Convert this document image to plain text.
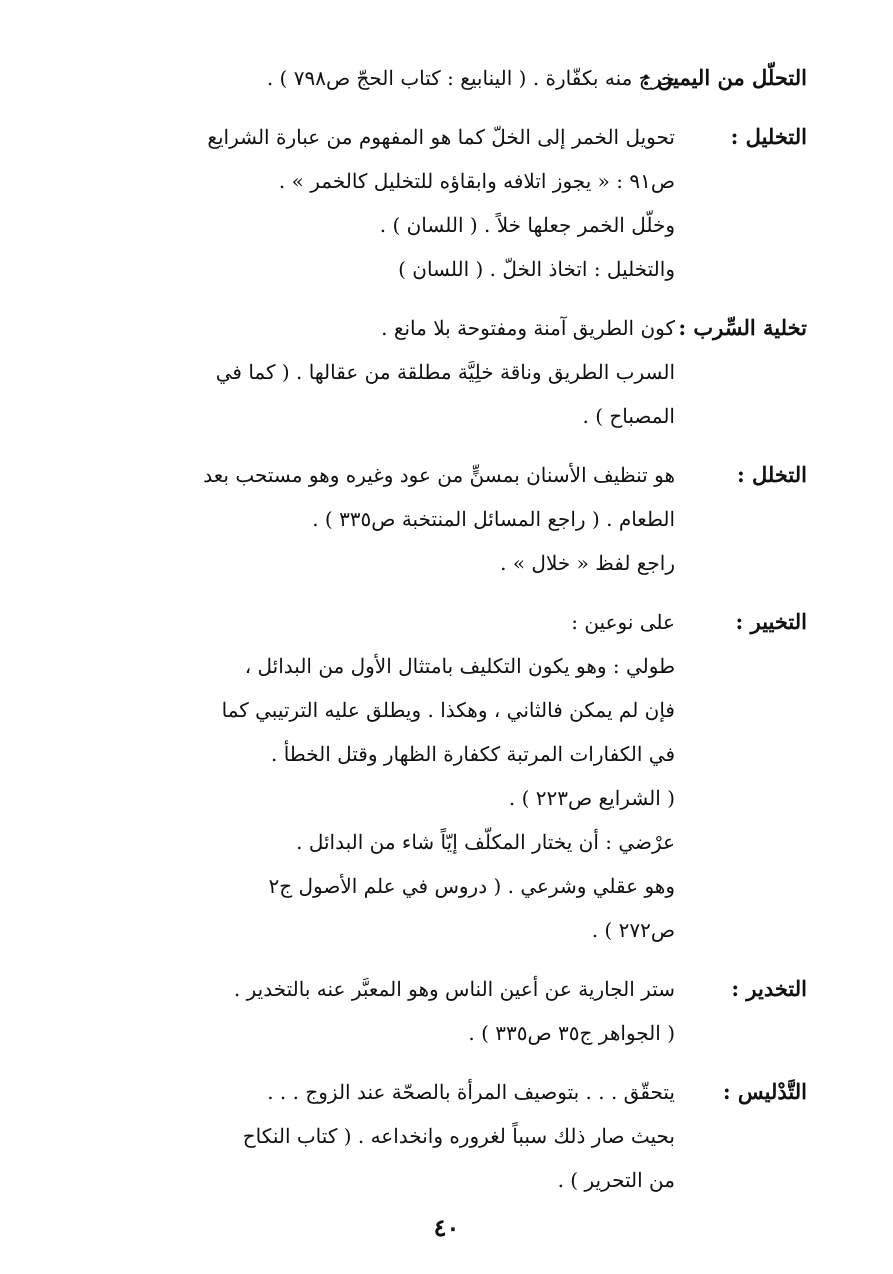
التحلّل من اليمين :
خرج منه بكفّارة . ( الينابيع : كتاب الحجّ ص٧٩٨ ) .
التخليل :
تحويل الخمر إلى الخلّ كما هو المفهوم من عبارة الشرايع
ص٩١ : « يجوز اتلافه وابقاؤه للتخليل كالخمر » .
وخلّل الخمر جعلها خلاً . ( اللسان ) .
والتخليل : اتخاذ الخلّ . ( اللسان )
تخلية السِّرب :
كون الطريق آمنة ومفتوحة بلا مانع .
السرب الطريق وناقة خلِيَّة مطلقة من عقالها . ( كما في
المصباح ) .
التخلل :
هو تنظيف الأسنان بمسنٍّ من عود وغيره وهو مستحب بعد
الطعام . ( راجع المسائل المنتخبة ص٣٣٥ ) .
راجع لفظ « خلال » .
التخيير :
على نوعين :
طولي : وهو يكون التكليف بامتثال الأول من البدائل ،
فإن لم يمكن فالثاني ، وهكذا . ويطلق عليه الترتيبي كما
في الكفارات المرتبة ككفارة الظهار وقتل الخطأ .
( الشرايع ص٢٢٣ ) .
عرْضي : أن يختار المكلّف إيّاً شاء من البدائل .
وهو عقلي وشرعي . ( دروس في علم الأصول ج٢
ص٢٧٢ ) .
التخدير :
ستر الجارية عن أعين الناس وهو المعبَّر عنه بالتخدير .
( الجواهر ج٣٥ ص٣٣٥ ) .
التَّدْليس :
يتحقّق . . . بتوصيف المرأة بالصحّة عند الزوج . . .
بحيث صار ذلك سبباً لغروره وانخداعه . ( كتاب النكاح
من التحرير ) .
٤٠
